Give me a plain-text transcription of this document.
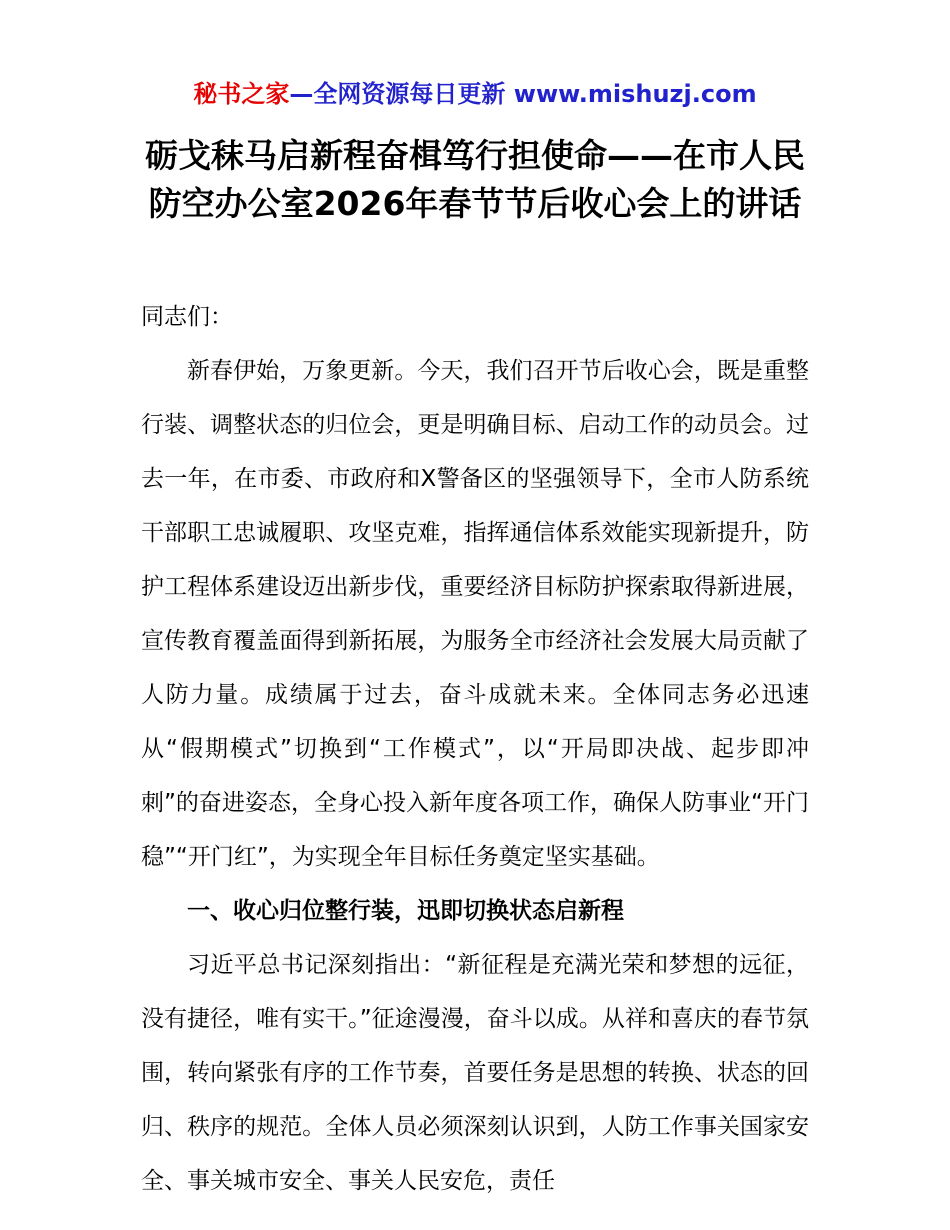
秘书之家—全网资源每日更新 www.mishuzj.com
砺戈秣马启新程奋楫笃行担使命——在市人民防空办公室2026年春节节后收心会上的讲话

同志们：

新春伊始，万象更新。今天，我们召开节后收心会，既是重整行装、调整状态的归位会，更是明确目标、启动工作的动员会。过去一年，在市委、市政府和X警备区的坚强领导下，全市人防系统干部职工忠诚履职、攻坚克难，指挥通信体系效能实现新提升，防护工程体系建设迈出新步伐，重要经济目标防护探索取得新进展，宣传教育覆盖面得到新拓展，为服务全市经济社会发展大局贡献了人防力量。成绩属于过去，奋斗成就未来。全体同志务必迅速从“假期模式”切换到“工作模式”，以“开局即决战、起步即冲刺”的奋进姿态，全身心投入新年度各项工作，确保人防事业“开门稳”“开门红”，为实现全年目标任务奠定坚实基础。

一、收心归位整行装，迅即切换状态启新程

习近平总书记深刻指出：“新征程是充满光荣和梦想的远征，没有捷径，唯有实干。”征途漫漫，奋斗以成。从祥和喜庆的春节氛围，转向紧张有序的工作节奏，首要任务是思想的转换、状态的回归、秩序的规范。全体人员必须深刻认识到，人防工作事关国家安全、事关城市安全、事关人民安危，责任
